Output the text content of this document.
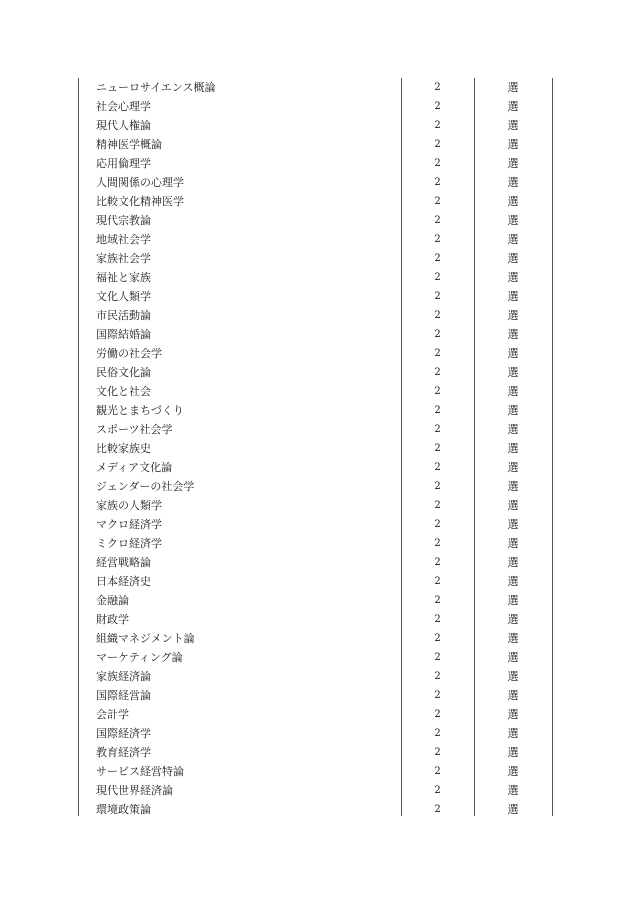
ニューロサイエンス概論	2	選
社会心理学	2	選
現代人権論	2	選
精神医学概論	2	選
応用倫理学	2	選
人間関係の心理学	2	選
比較文化精神医学	2	選
現代宗教論	2	選
地域社会学	2	選
家族社会学	2	選
福祉と家族	2	選
文化人類学	2	選
市民活動論	2	選
国際結婚論	2	選
労働の社会学	2	選
民俗文化論	2	選
文化と社会	2	選
観光とまちづくり	2	選
スポーツ社会学	2	選
比較家族史	2	選
メディア文化論	2	選
ジェンダーの社会学	2	選
家族の人類学	2	選
マクロ経済学	2	選
ミクロ経済学	2	選
経営戦略論	2	選
日本経済史	2	選
金融論	2	選
財政学	2	選
組織マネジメント論	2	選
マーケティング論	2	選
家族経済論	2	選
国際経営論	2	選
会計学	2	選
国際経済学	2	選
教育経済学	2	選
サービス経営特論	2	選
現代世界経済論	2	選
環境政策論	2	選
